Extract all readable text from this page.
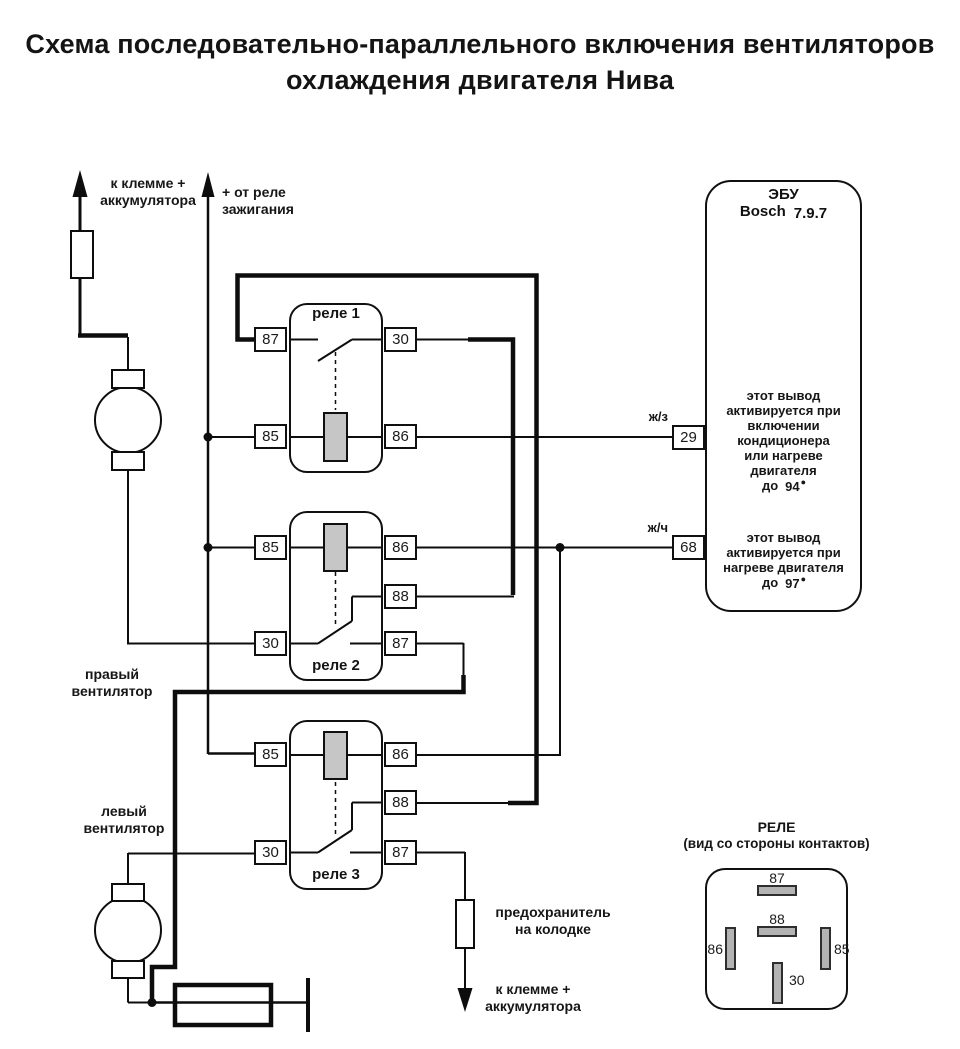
Схема последовательно-параллельного включения вентиляторов
охлаждения двигателя Нива
к клемме +
аккумулятора + от реле
зажигания
реле 1
87	30
85	86
реле 2
85	86
88
30	87
реле 3
85	86
88
30	87
правый
вентилятор
левый
вентилятор
ЭБУ
Bosch 7.9.7
этот вывод
активируется при
включении
кондиционера
или нагреве
двигателя
до 94●
этот вывод
активируется при
нагреве двигателя
до 97●
29
68
ж/з
ж/ч
предохранитель
на колодке
к клемме +
аккумулятора
РЕЛЕ
(вид со стороны контактов)
87
88
86	85
30
